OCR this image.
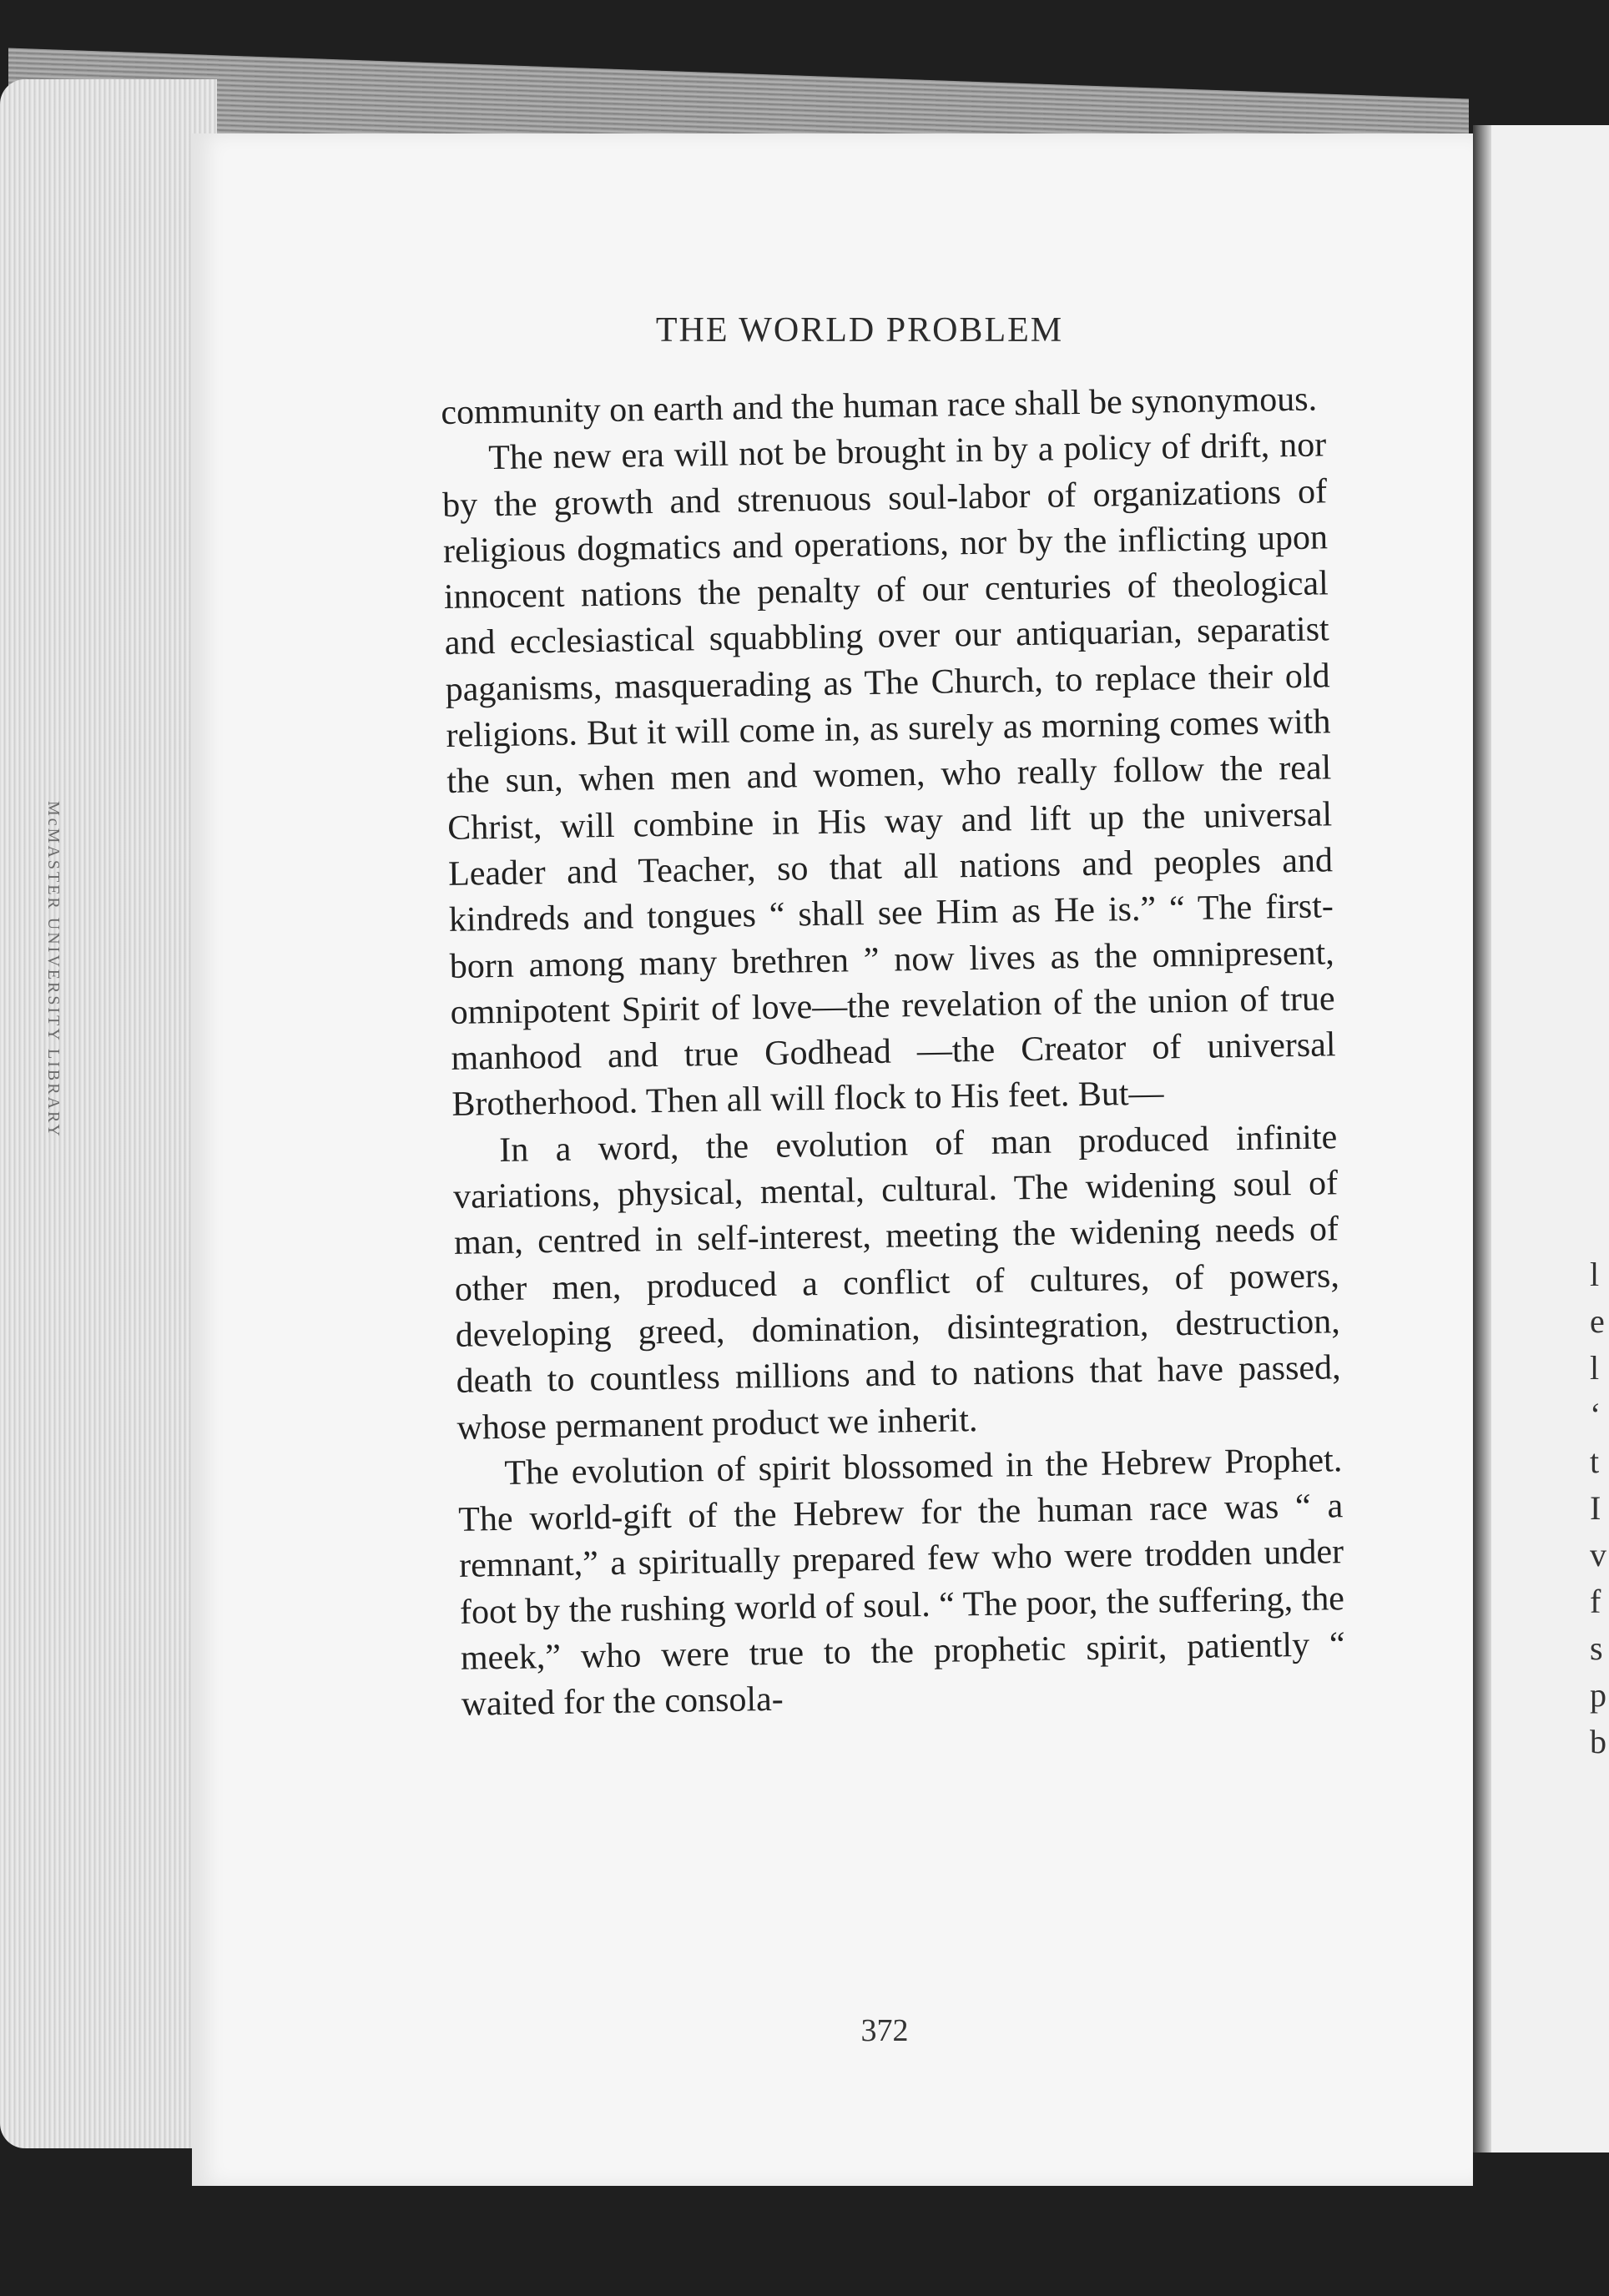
McMASTER UNIVERSITY LIBRARY
l
e
l
‘
t
I
v
f
s
p
b
THE WORLD PROBLEM

community on earth and the human race shall be synonymous.

The new era will not be brought in by a policy of drift, nor by the growth and strenuous soul-labor of organizations of religious dogmatics and operations, nor by the inflicting upon innocent nations the penalty of our centuries of theological and ecclesiastical squabbling over our antiquarian, separatist paganisms, masquerading as The Church, to replace their old religions. But it will come in, as surely as morning comes with the sun, when men and women, who really follow the real Christ, will combine in His way and lift up the universal Leader and Teacher, so that all nations and peoples and kindreds and tongues “ shall see Him as He is.” “ The first-born among many brethren ” now lives as the omnipresent, omnipotent Spirit of love—the revelation of the union of true manhood and true Godhead —the Creator of universal Brotherhood. Then all will flock to His feet. But—

In a word, the evolution of man produced infinite variations, physical, mental, cultural. The widening soul of man, centred in self-interest, meeting the widening needs of other men, produced a conflict of cultures, of powers, developing greed, domination, disintegration, destruction, death to countless millions and to nations that have passed, whose permanent product we inherit.

The evolution of spirit blossomed in the Hebrew Prophet. The world-gift of the Hebrew for the human race was “ a remnant,” a spiritually prepared few who were trodden under foot by the rushing world of soul. “ The poor, the suffering, the meek,” who were true to the prophetic spirit, patiently “ waited for the consola-

372
